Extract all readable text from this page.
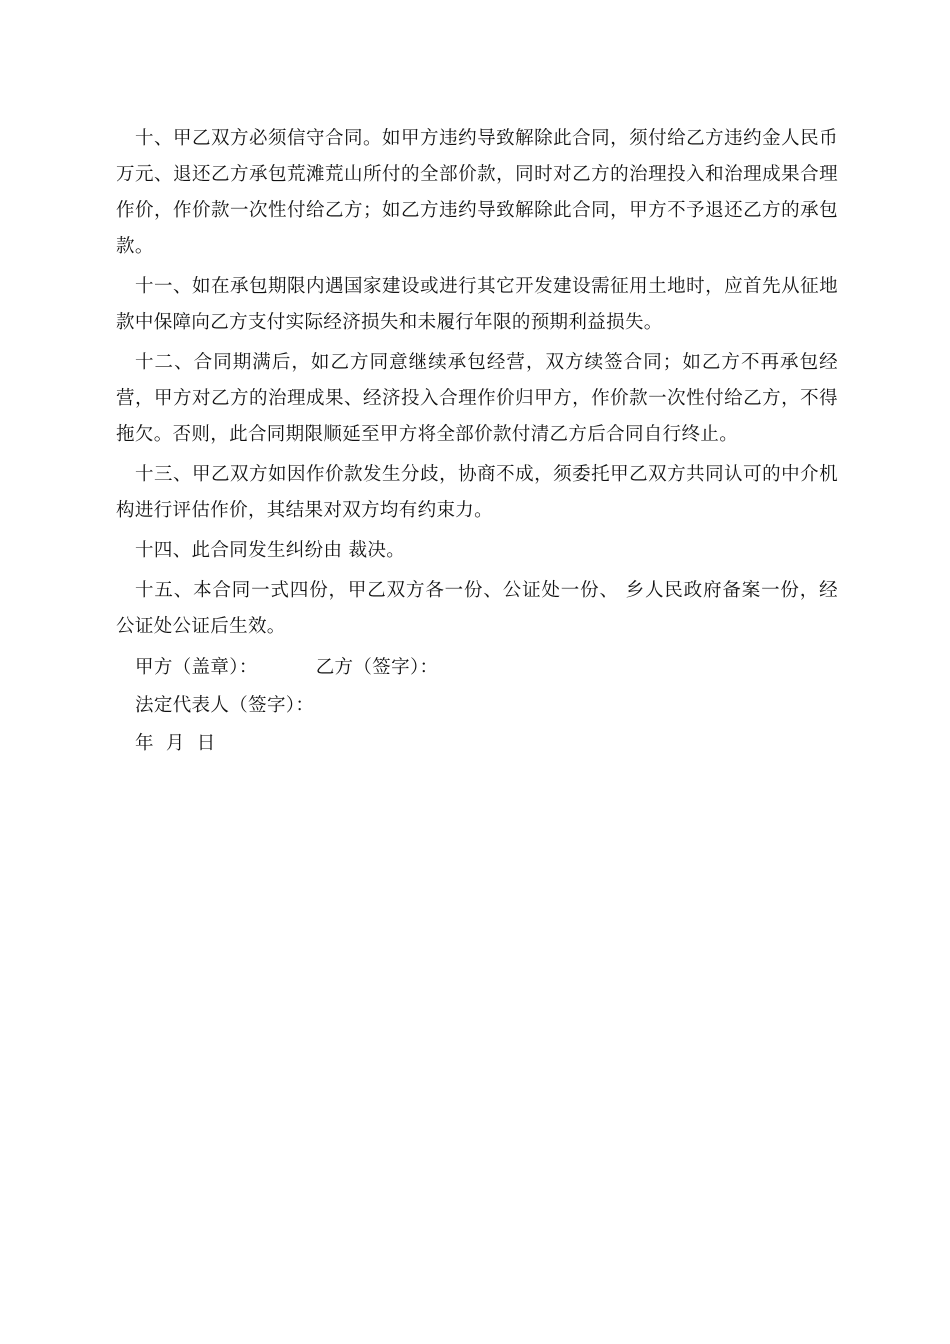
十、甲乙双方必须信守合同。如甲方违约导致解除此合同，须付给乙方违约金人民币 万元、退还乙方承包荒滩荒山所付的全部价款，同时对乙方的治理投入和治理成果合理作价，作价款一次性付给乙方；如乙方违约导致解除此合同，甲方不予退还乙方的承包款。

十一、如在承包期限内遇国家建设或进行其它开发建设需征用土地时，应首先从征地款中保障向乙方支付实际经济损失和未履行年限的预期利益损失。

十二、合同期满后，如乙方同意继续承包经营，双方续签合同；如乙方不再承包经营，甲方对乙方的治理成果、经济投入合理作价归甲方，作价款一次性付给乙方，不得拖欠。否则，此合同期限顺延至甲方将全部价款付清乙方后合同自行终止。

十三、甲乙双方如因作价款发生分歧，协商不成，须委托甲乙双方共同认可的中介机构进行评估作价，其结果对双方均有约束力。

十四、此合同发生纠纷由 裁决。

十五、本合同一式四份，甲乙双方各一份、公证处一份、 乡人民政府备案一份，经公证处公证后生效。

甲方（盖章）：	乙方（签字）：
法定代表人（签字）：
年 月 日
